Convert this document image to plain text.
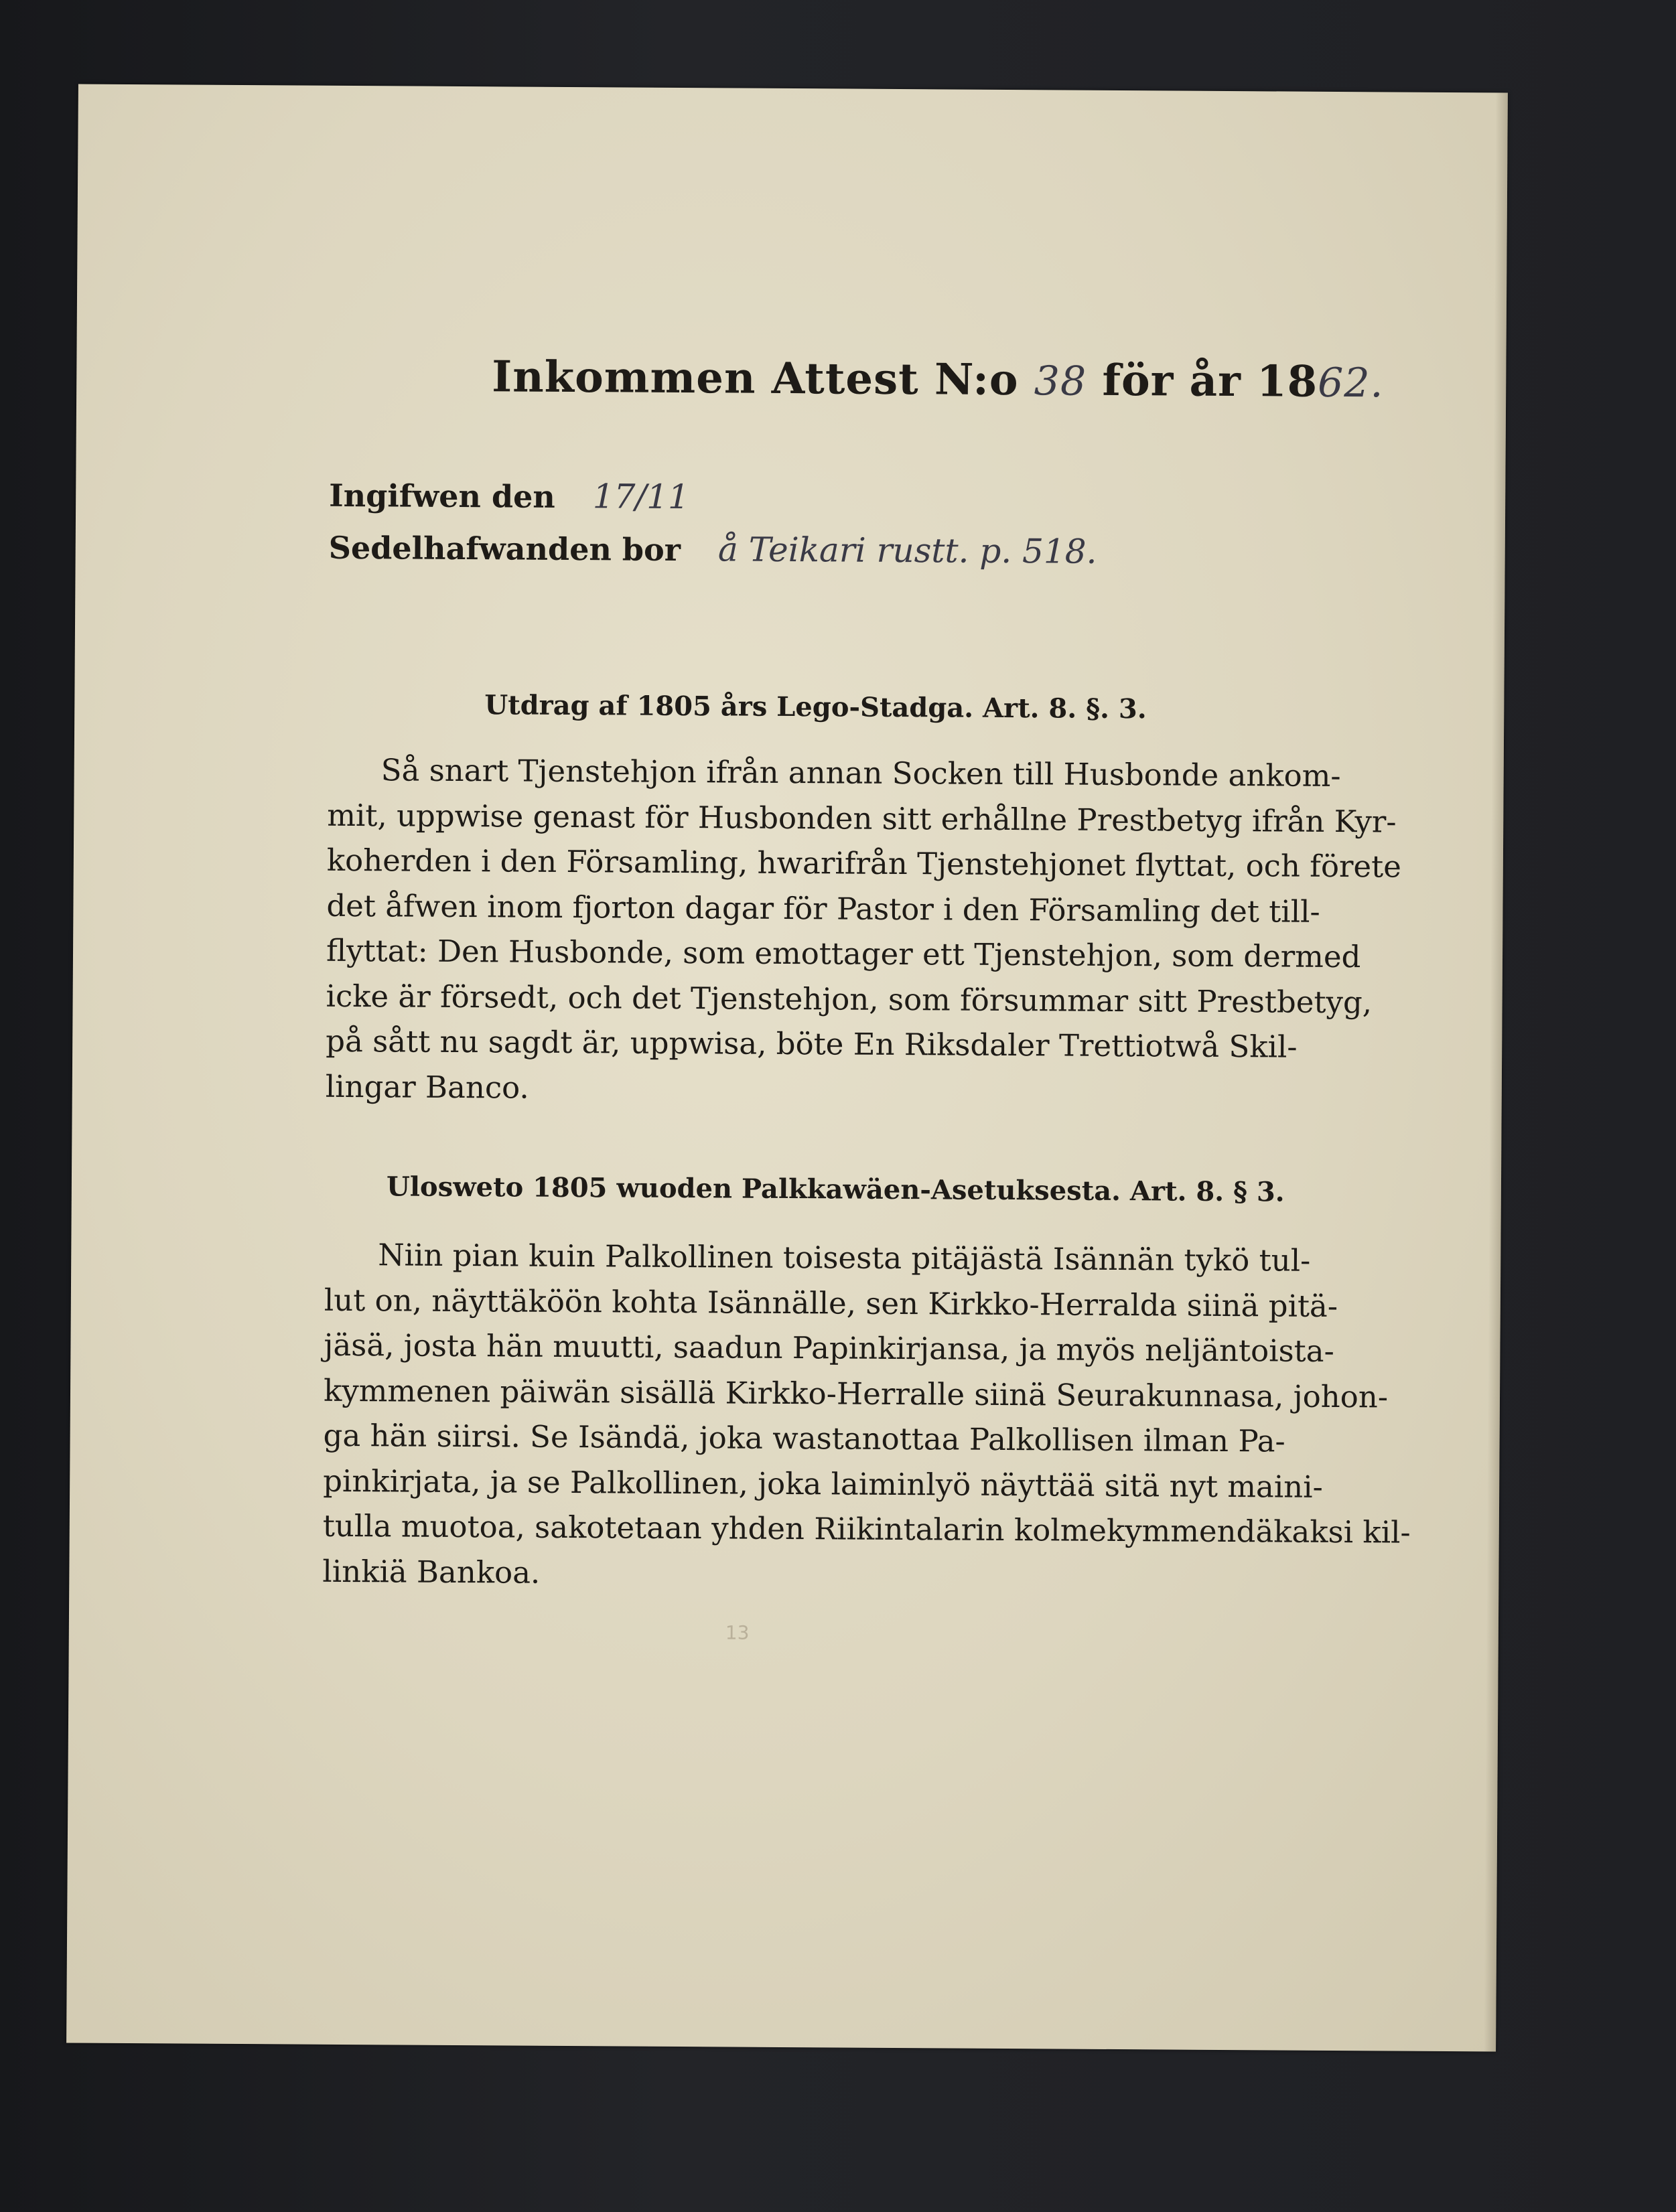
Inkommen Attest N:o 38 för år 1862.
Ingifwen den 17/11
Sedelhafwanden bor å Teikari rustt. p. 518.
Utdrag af 1805 års Lego-Stadga. Art. 8. §. 3.
Så snart Tjenstehjon ifrån annan Socken till Husbonde ankom-
mit, uppwise genast för Husbonden sitt erhållne Prestbetyg ifrån Kyr-
koherden i den Församling, hwarifrån Tjenstehjonet flyttat, och förete
det åfwen inom fjorton dagar för Pastor i den Församling det till-
flyttat: Den Husbonde, som emottager ett Tjenstehjon, som dermed
icke är försedt, och det Tjenstehjon, som försummar sitt Prestbetyg,
på sått nu sagdt är, uppwisa, böte En Riksdaler Trettiotwå Skil-
lingar Banco.
Ulosweto 1805 wuoden Palkkawäen-Asetuksesta. Art. 8. § 3.
Niin pian kuin Palkollinen toisesta pitäjästä Isännän tykö tul-
lut on, näyttäköön kohta Isännälle, sen Kirkko-Herralda siinä pitä-
jäsä, josta hän muutti, saadun Papinkirjansa, ja myös neljäntoista-
kymmenen päiwän sisällä Kirkko-Herralle siinä Seurakunnasa, johon-
ga hän siirsi. Se Isändä, joka wastanottaa Palkollisen ilman Pa-
pinkirjata, ja se Palkollinen, joka laiminlyö näyttää sitä nyt maini-
tulla muotoa, sakotetaan yhden Riikintalarin kolmekymmendäkaksi kil-
linkiä Bankoa.
13
